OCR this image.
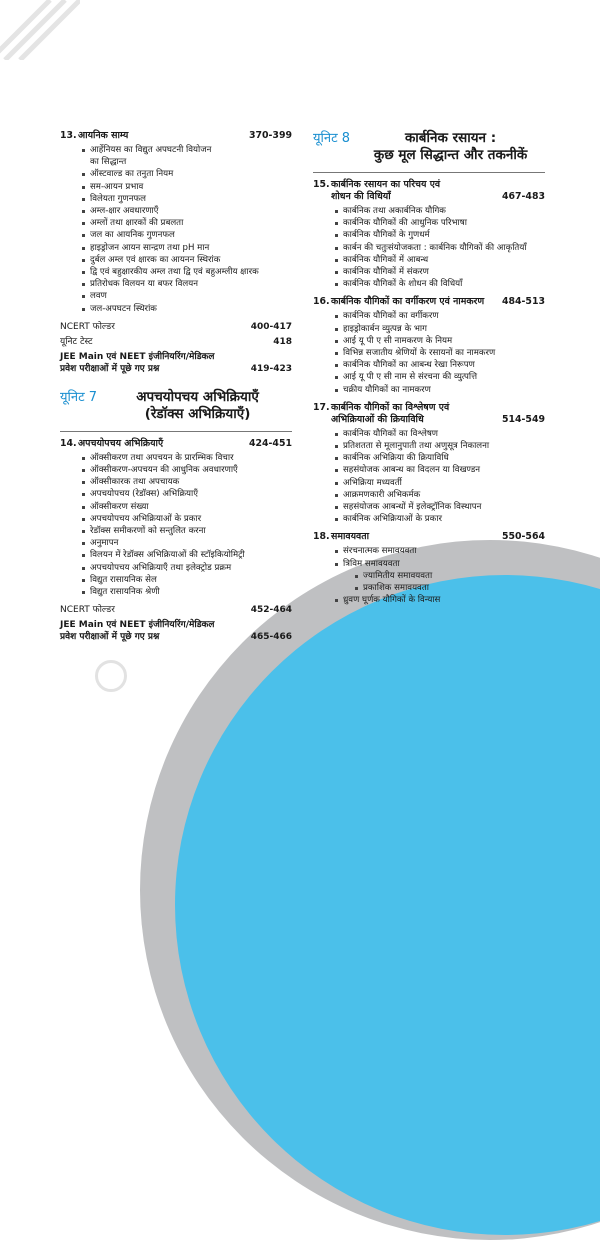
13. आयनिक साम्य	370-399
आर्हेनियस का विद्युत अपघटनी वियोजन
का सिद्धान्त
ऑस्टवाल्ड का तनुता नियम
सम-आयन प्रभाव
विलेयता गुणनफल
अम्ल-क्षार अवधारणाएँ
अम्लों तथा क्षारकों की प्रबलता
जल का आयनिक गुणनफल
हाइड्रोजन आयन सान्द्रण तथा pH मान
दुर्बल अम्ल एवं क्षारक का आयनन स्थिरांक
द्वि एवं बहुक्षारकीय अम्ल तथा द्वि एवं बहुअम्लीय क्षारक
प्रतिरोधक विलयन या बफर विलयन
लवण
जल-अपघटन स्थिरांक
NCERT फोल्डर	400-417
यूनिट टेस्ट	418
JEE Main एवं NEET इंजीनियरिंग/मेडिकल
प्रवेश परीक्षाओं में पूछे गए प्रश्न	419-423
यूनिट 7	अपचयोपचय अभिक्रियाएँ
(रेडॉक्स अभिक्रियाएँ)
14. अपचयोपचय अभिक्रियाएँ	424-451
ऑक्सीकरण तथा अपचयन के प्रारम्भिक विचार
ऑक्सीकरण-अपचयन की आधुनिक अवधारणाएँ
ऑक्सीकारक तथा अपचायक
अपचयोपचय (रेडॉक्स) अभिक्रियाएँ
ऑक्सीकरण संख्या
अपचयोपचय अभिक्रियाओं के प्रकार
रेडॉक्स समीकरणों को सन्तुलित करना
अनुमापन
विलयन में रेडॉक्स अभिक्रियाओं की स्टॉइकियोमिट्री
अपचयोपचय अभिक्रियाएँ तथा इलेक्ट्रोड प्रक्रम
विद्युत रासायनिक सेल
विद्युत रासायनिक श्रेणी
NCERT फोल्डर	452-464
JEE Main एवं NEET इंजीनियरिंग/मेडिकल
प्रवेश परीक्षाओं में पूछे गए प्रश्न	465-466
यूनिट 8	कार्बनिक रसायन :
कुछ मूल सिद्धान्त और तकनीकें
15. कार्बनिक रसायन का परिचय एवं
शोधन की विधियाँ	467-483
कार्बनिक तथा अकार्बनिक यौगिक
कार्बनिक यौगिकों की आधुनिक परिभाषा
कार्बनिक यौगिकों के गुणधर्म
कार्बन की चतुःसंयोजकता : कार्बनिक यौगिकों की आकृतियाँ
कार्बनिक यौगिकों में आबन्ध
कार्बनिक यौगिकों में संकरण
कार्बनिक यौगिकों के शोधन की विधियाँ
16. कार्बनिक यौगिकों का वर्गीकरण एवं नामकरण	484-513
कार्बनिक यौगिकों का वर्गीकरण
हाइड्रोकार्बन व्युत्पन्न के भाग
आई यू पी ए सी नामकरण के नियम
विभिन्न सजातीय श्रेणियों के रसायनों का नामकरण
कार्बनिक यौगिकों का आबन्ध रेखा निरूपण
आई यू पी ए सी नाम से संरचना की व्युत्पत्ति
चक्रीय यौगिकों का नामकरण
17. कार्बनिक यौगिकों का विश्लेषण एवं
अभिक्रियाओं की क्रियाविधि	514-549
कार्बनिक यौगिकों का विश्लेषण
प्रतिशतता से मूलानुपाती तथा अणुसूत्र निकालना
कार्बनिक अभिक्रिया की क्रियाविधि
सहसंयोजक आबन्ध का विदलन या विखण्डन
अभिक्रिया मध्यवर्ती
आक्रमणकारी अभिकर्मक
सहसंयोजक आबन्धों में इलेक्ट्रॉनिक विस्थापन
कार्बनिक अभिक्रियाओं के प्रकार
18. समावयवता	550-564
संरचनात्मक समावयवता
त्रिविम समावयवता
ज्यामितीय समावयवता
प्रकाशिक समावयवता
ध्रुवण घूर्णक यौगिकों के विन्यास
